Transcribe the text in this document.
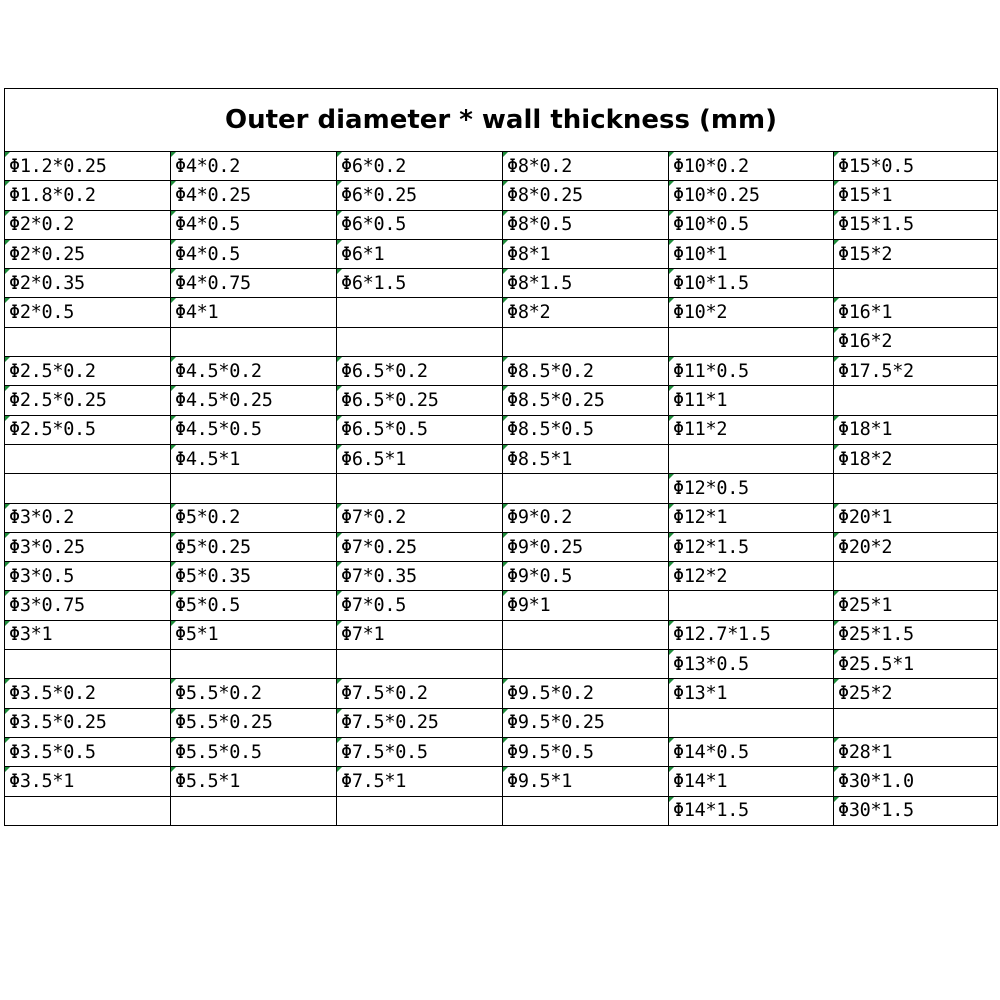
Outer diameter * wall thickness (mm)					
Φ1.2*0.25	Φ4*0.2	Φ6*0.2	Φ8*0.2	Φ10*0.2	Φ15*0.5
Φ1.8*0.2	Φ4*0.25	Φ6*0.25	Φ8*0.25	Φ10*0.25	Φ15*1
Φ2*0.2	Φ4*0.5	Φ6*0.5	Φ8*0.5	Φ10*0.5	Φ15*1.5
Φ2*0.25	Φ4*0.5	Φ6*1	Φ8*1	Φ10*1	Φ15*2
Φ2*0.35	Φ4*0.75	Φ6*1.5	Φ8*1.5	Φ10*1.5	
Φ2*0.5	Φ4*1		Φ8*2	Φ10*2	Φ16*1
					Φ16*2
Φ2.5*0.2	Φ4.5*0.2	Φ6.5*0.2	Φ8.5*0.2	Φ11*0.5	Φ17.5*2
Φ2.5*0.25	Φ4.5*0.25	Φ6.5*0.25	Φ8.5*0.25	Φ11*1	
Φ2.5*0.5	Φ4.5*0.5	Φ6.5*0.5	Φ8.5*0.5	Φ11*2	Φ18*1
	Φ4.5*1	Φ6.5*1	Φ8.5*1		Φ18*2
				Φ12*0.5	
Φ3*0.2	Φ5*0.2	Φ7*0.2	Φ9*0.2	Φ12*1	Φ20*1
Φ3*0.25	Φ5*0.25	Φ7*0.25	Φ9*0.25	Φ12*1.5	Φ20*2
Φ3*0.5	Φ5*0.35	Φ7*0.35	Φ9*0.5	Φ12*2	
Φ3*0.75	Φ5*0.5	Φ7*0.5	Φ9*1		Φ25*1
Φ3*1	Φ5*1	Φ7*1		Φ12.7*1.5	Φ25*1.5
				Φ13*0.5	Φ25.5*1
Φ3.5*0.2	Φ5.5*0.2	Φ7.5*0.2	Φ9.5*0.2	Φ13*1	Φ25*2
Φ3.5*0.25	Φ5.5*0.25	Φ7.5*0.25	Φ9.5*0.25		
Φ3.5*0.5	Φ5.5*0.5	Φ7.5*0.5	Φ9.5*0.5	Φ14*0.5	Φ28*1
Φ3.5*1	Φ5.5*1	Φ7.5*1	Φ9.5*1	Φ14*1	Φ30*1.0
				Φ14*1.5	Φ30*1.5
